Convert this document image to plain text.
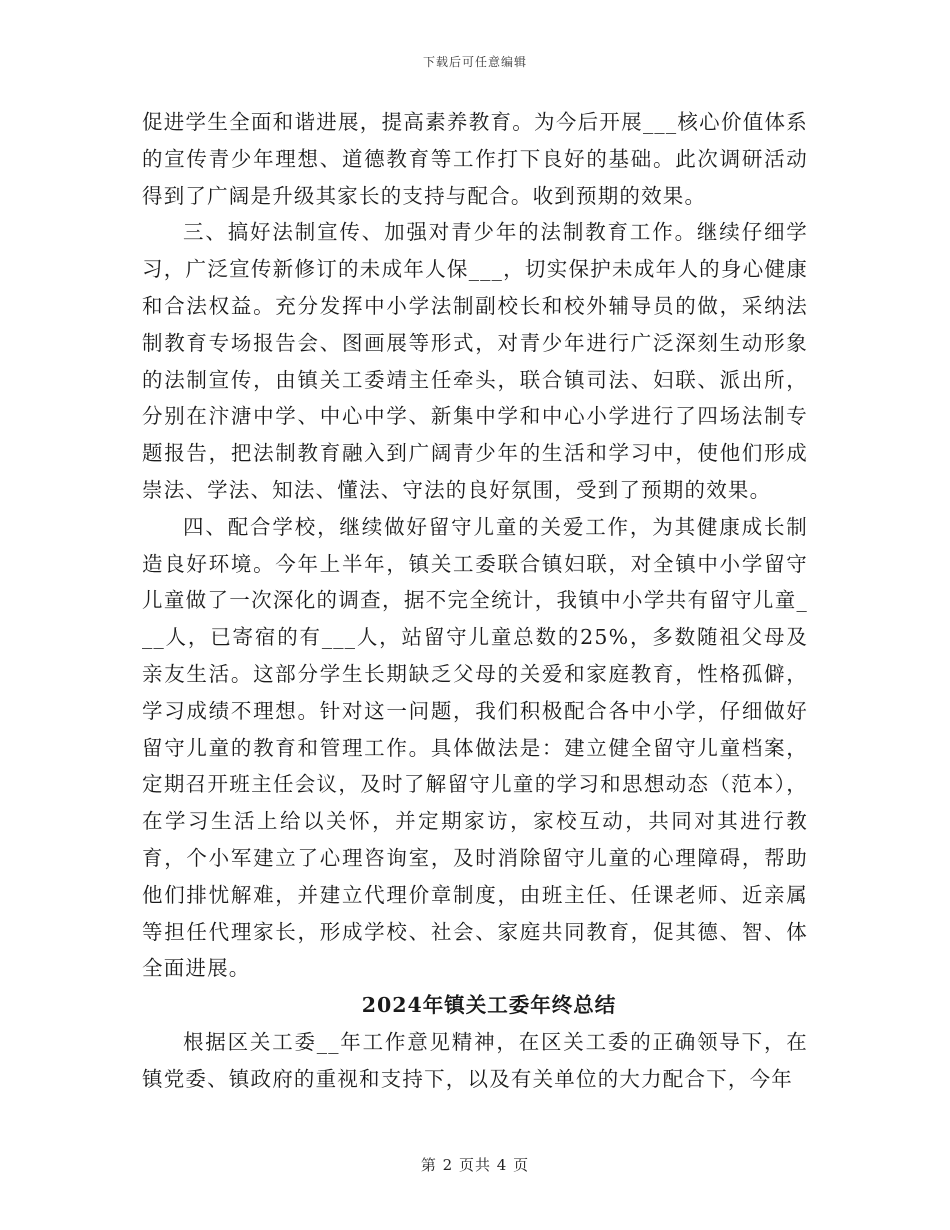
下载后可任意编辑

促进学生全面和谐进展，提高素养教育。为今后开展___核心价值体系的宣传青少年理想、道德教育等工作打下良好的基础。此次调研活动得到了广阔是升级其家长的支持与配合。收到预期的效果。

三、搞好法制宣传、加强对青少年的法制教育工作。继续仔细学习，广泛宣传新修订的未成年人保___，切实保护未成年人的身心健康和合法权益。充分发挥中小学法制副校长和校外辅导员的做，采纳法制教育专场报告会、图画展等形式，对青少年进行广泛深刻生动形象的法制宣传，由镇关工委靖主任牵头，联合镇司法、妇联、派出所，分别在汴溏中学、中心中学、新集中学和中心小学进行了四场法制专题报告，把法制教育融入到广阔青少年的生活和学习中，使他们形成崇法、学法、知法、懂法、守法的良好氛围，受到了预期的效果。

四、配合学校，继续做好留守儿童的关爱工作，为其健康成长制造良好环境。今年上半年，镇关工委联合镇妇联，对全镇中小学留守儿童做了一次深化的调查，据不完全统计，我镇中小学共有留守儿童___人，已寄宿的有___人，站留守儿童总数的25%，多数随祖父母及亲友生活。这部分学生长期缺乏父母的关爱和家庭教育，性格孤僻，学习成绩不理想。针对这一问题，我们积极配合各中小学，仔细做好留守儿童的教育和管理工作。具体做法是：建立健全留守儿童档案，定期召开班主任会议，及时了解留守儿童的学习和思想动态（范本），在学习生活上给以关怀，并定期家访，家校互动，共同对其进行教育，个小军建立了心理咨询室，及时消除留守儿童的心理障碍，帮助他们排忧解难，并建立代理价章制度，由班主任、任课老师、近亲属等担任代理家长，形成学校、社会、家庭共同教育，促其德、智、体全面进展。

2024年镇关工委年终总结

根据区关工委__年工作意见精神，在区关工委的正确领导下，在镇党委、镇政府的重视和支持下，以及有关单位的大力配合下，今年

第 2 页共 4 页
